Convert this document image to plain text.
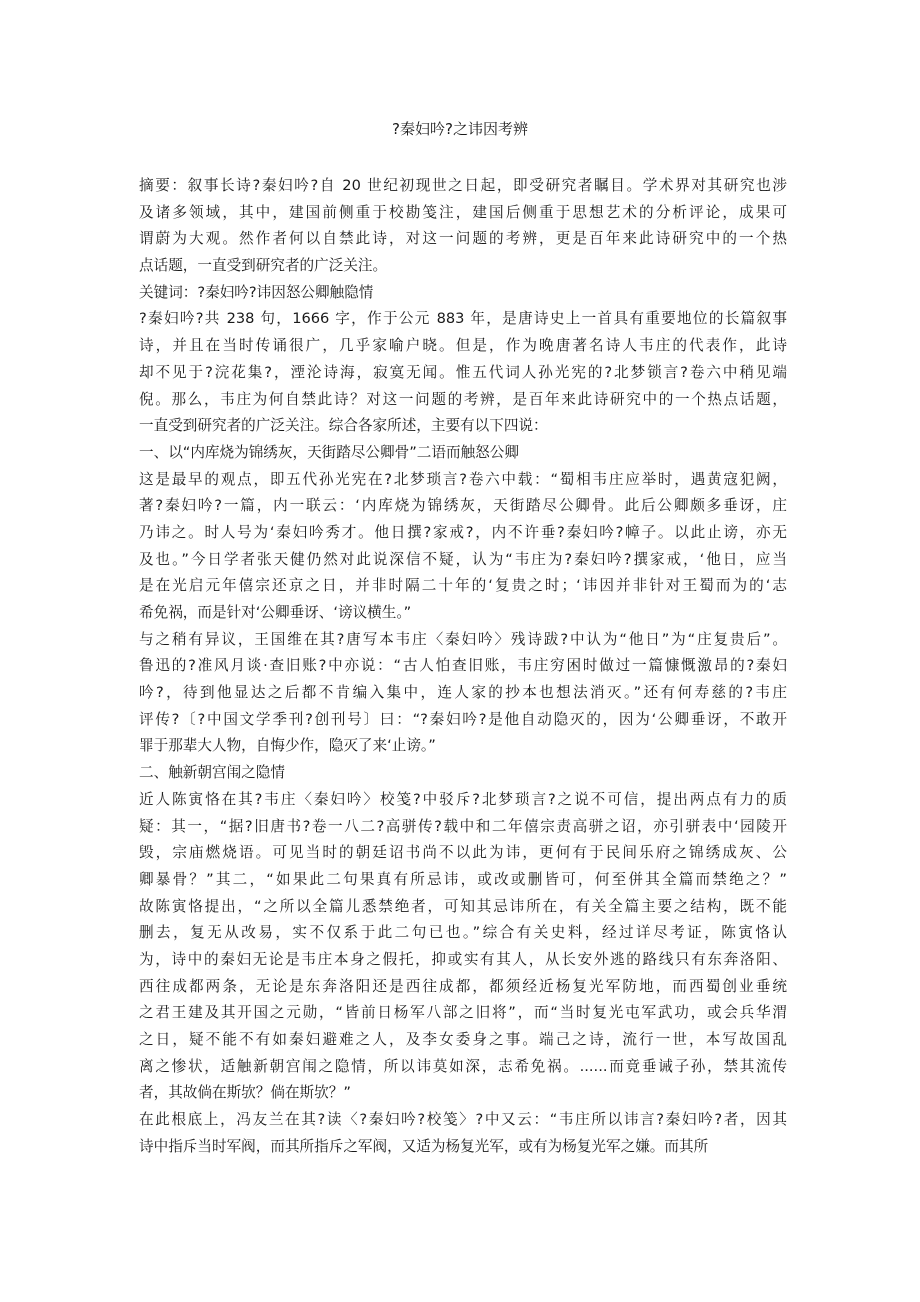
?秦妇吟?之讳因考辨
摘要：叙事长诗?秦妇吟?自 20 世纪初现世之日起，即受研究者瞩目。学术界对其研究也涉
及诸多领域，其中，建国前侧重于校勘笺注，建国后侧重于思想艺术的分析评论，成果可
谓蔚为大观。然作者何以自禁此诗，对这一问题的考辨，更是百年来此诗研究中的一个热
点话题，一直受到研究者的广泛关注。
关键词：?秦妇吟?讳因怒公卿触隐情
?秦妇吟?共 238 句，1666 字，作于公元 883 年，是唐诗史上一首具有重要地位的长篇叙事
诗，并且在当时传诵很广，几乎家喻户晓。但是，作为晚唐著名诗人韦庄的代表作，此诗
却不见于?浣花集?，湮沦诗海，寂寞无闻。惟五代词人孙光宪的?北梦锁言?卷六中稍见端
倪。那么，韦庄为何自禁此诗？对这一问题的考辨，是百年来此诗研究中的一个热点话题，
一直受到研究者的广泛关注。综合各家所述，主要有以下四说：
一、以“内库烧为锦绣灰，天街踏尽公卿骨”二语而触怒公卿
这是最早的观点，即五代孙光宪在?北梦琐言?卷六中载：“蜀相韦庄应举时，遇黄寇犯阙，
著?秦妇吟?一篇，内一联云：‘内库烧为锦绣灰，天街踏尽公卿骨。此后公卿颇多垂讶，庄
乃讳之。时人号为‘秦妇吟秀才。他日撰?家戒?，内不许垂?秦妇吟?幛子。以此止谤，亦无
及也。”今日学者张天健仍然对此说深信不疑，认为“韦庄为?秦妇吟?撰家戒，‘他日，应当
是在光启元年僖宗还京之日，并非时隔二十年的‘复贵之时；‘讳因并非针对王蜀而为的‘志
希免祸，而是针对‘公卿垂讶、‘谤议横生。”
与之稍有异议，王国维在其?唐写本韦庄〈秦妇吟〉残诗跋?中认为“他日”为“庄复贵后”。
鲁迅的?准风月谈·查旧账?中亦说：“古人怕查旧账，韦庄穷困时做过一篇慷慨激昂的?秦妇
吟?，待到他显达之后都不肯编入集中，连人家的抄本也想法消灭。”还有何寿慈的?韦庄
评传?〔?中国文学季刊?创刊号〕曰：“?秦妇吟?是他自动隐灭的，因为‘公卿垂讶，不敢开
罪于那辈大人物，自悔少作，隐灭了来‘止谤。”
二、触新朝宫闱之隐情
近人陈寅恪在其?韦庄〈秦妇吟〉校笺?中驳斥?北梦琐言?之说不可信，提出两点有力的质
疑：其一，“据?旧唐书?卷一八二?高骈传?载中和二年僖宗责高骈之诏，亦引骈表中‘园陵开
毁，宗庙燃烧语。可见当时的朝廷诏书尚不以此为讳，更何有于民间乐府之锦绣成灰、公
卿暴骨？”其二，“如果此二句果真有所忌讳，或改或删皆可，何至併其全篇而禁绝之？”
故陈寅恪提出，“之所以全篇儿悉禁绝者，可知其忌讳所在，有关全篇主要之结构，既不能
删去，复无从改易，实不仅系于此二句已也。”综合有关史料，经过详尽考证，陈寅恪认
为，诗中的秦妇无论是韦庄本身之假托，抑或实有其人，从长安外逃的路线只有东奔洛阳、
西往成都两条，无论是东奔洛阳还是西往成都，都须经近杨复光军防地，而西蜀创业垂统
之君王建及其开国之元勋，“皆前日杨军八部之旧将”，而“当时复光屯军武功，或会兵华渭
之日，疑不能不有如秦妇避难之人，及李女委身之事。端己之诗，流行一世，本写故国乱
离之惨状，适触新朝宫闱之隐情，所以讳莫如深，志希免祸。......而竟垂诫子孙，禁其流传
者，其故倘在斯欤？倘在斯欤？”
在此根底上，冯友兰在其?读〈?秦妇吟?校笺〉?中又云：“韦庄所以讳言?秦妇吟?者，因其
诗中指斥当时军阀，而其所指斥之军阀，又适为杨复光军，或有为杨复光军之嫌。而其所
